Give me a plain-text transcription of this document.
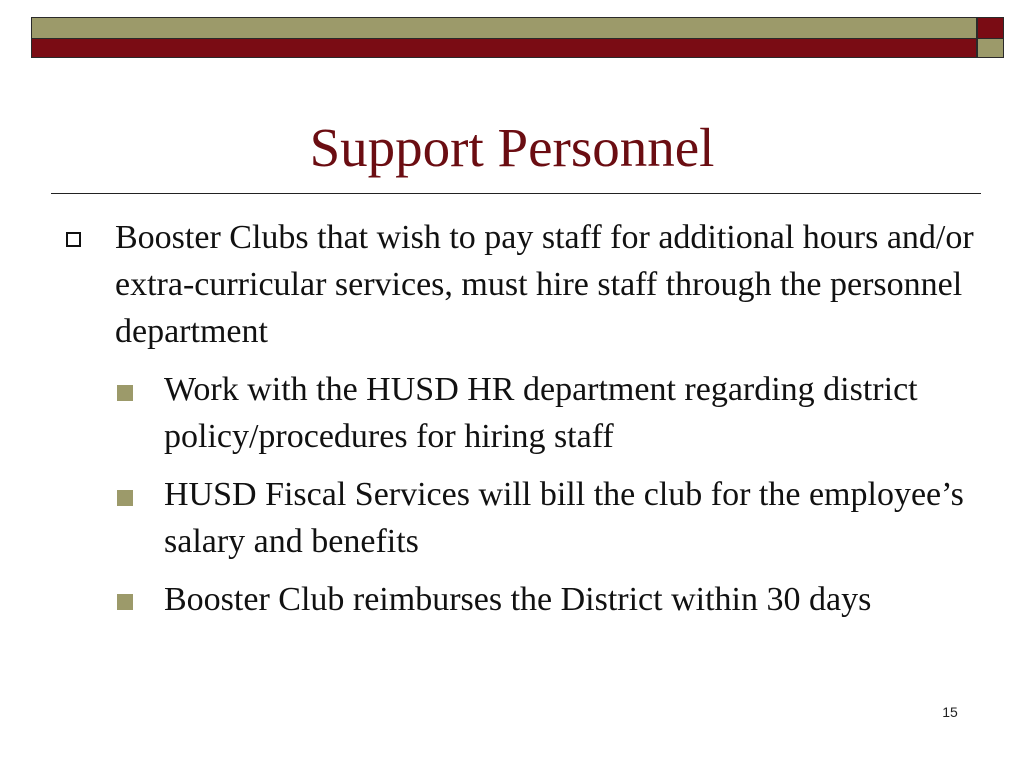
Support Personnel
Booster Clubs that wish to pay staff for additional hours and/or extra-curricular services, must hire staff through the personnel department
Work with the HUSD HR department regarding district policy/procedures for hiring staff
HUSD Fiscal Services will bill the club for the employee’s salary and benefits
Booster Club reimburses the District within 30 days
15
